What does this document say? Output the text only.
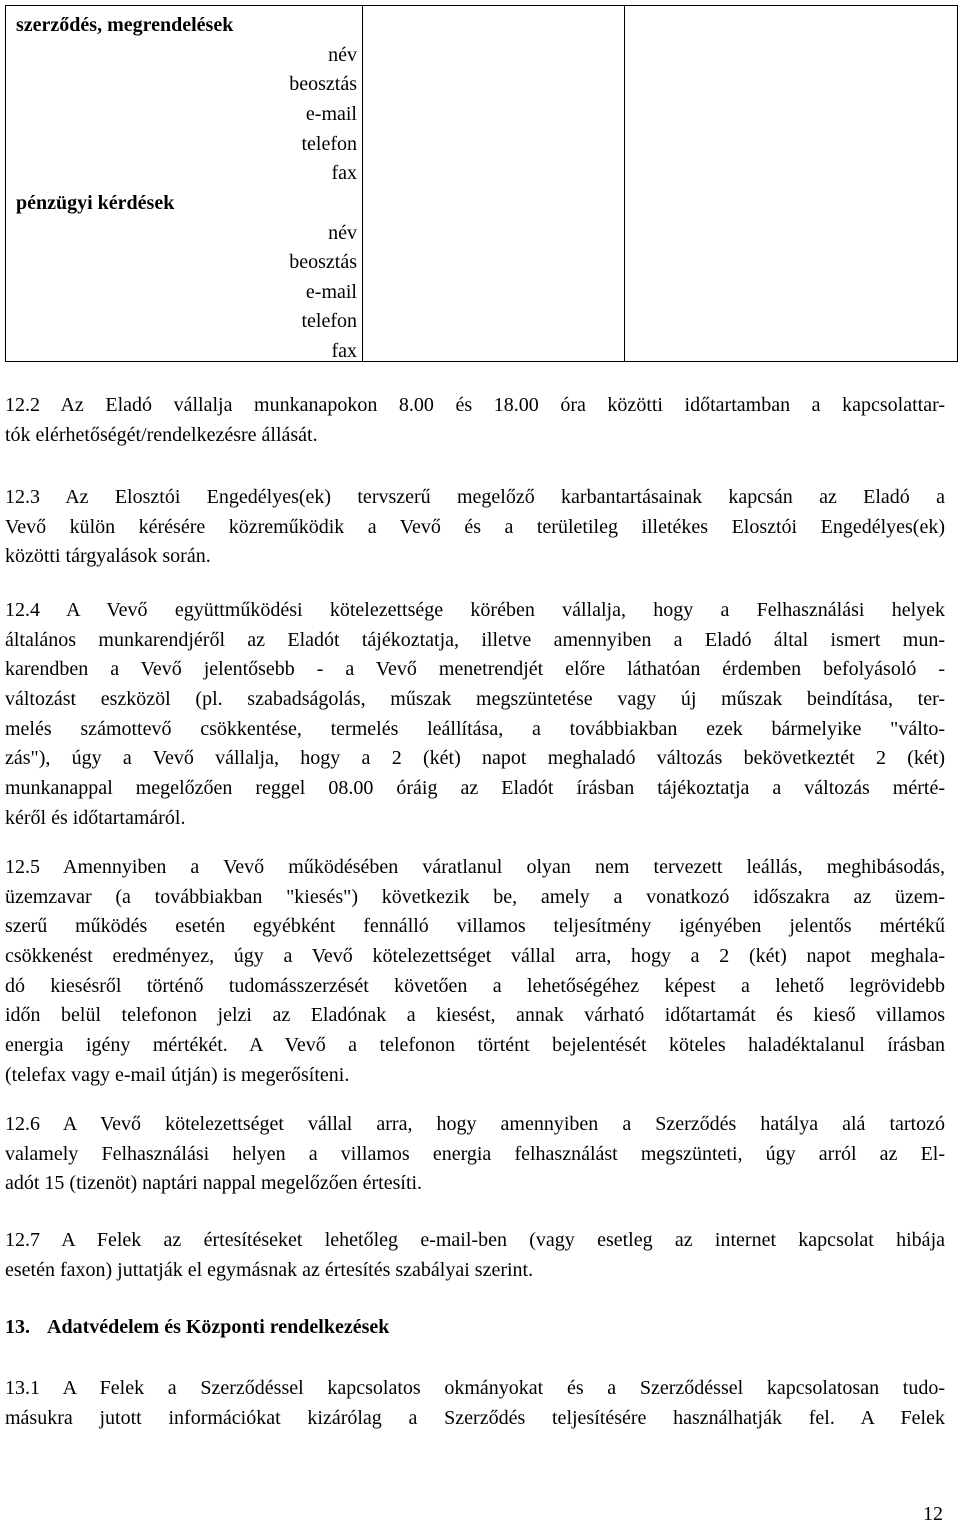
szerződés, megrendelések
név
beosztás
e-mail
telefon
fax
pénzügyi kérdések
név
beosztás
e-mail
telefon
fax

12.2 Az Eladó vállalja munkanapokon 8.00 és 18.00 óra közötti időtartamban a kapcsolattar-
tók elérhetőségét/rendelkezésre állását.
12.3 Az Elosztói Engedélyes(ek) tervszerű megelőző karbantartásainak kapcsán az Eladó a
Vevő külön kérésére közreműködik a Vevő és a területileg illetékes Elosztói Engedélyes(ek)
közötti tárgyalások során.
12.4 A Vevő együttműködési kötelezettsége körében vállalja, hogy a Felhasználási helyek
általános munkarendjéről az Eladót tájékoztatja, illetve amennyiben a Eladó által ismert mun-
karendben a Vevő jelentősebb - a Vevő menetrendjét előre láthatóan érdemben befolyásoló -
változást eszközöl (pl. szabadságolás, műszak megszüntetése vagy új műszak beindítása, ter-
melés számottevő csökkentése, termelés leállítása, a továbbiakban ezek bármelyike "válto-
zás"), úgy a Vevő vállalja, hogy a 2 (két) napot meghaladó változás bekövetkeztét 2 (két)
munkanappal megelőzően reggel 08.00 óráig az Eladót írásban tájékoztatja a változás mérté-
kéről és időtartamáról.
12.5 Amennyiben a Vevő működésében váratlanul olyan nem tervezett leállás, meghibásodás,
üzemzavar (a továbbiakban "kiesés") következik be, amely a vonatkozó időszakra az üzem-
szerű működés esetén egyébként fennálló villamos teljesítmény igényében jelentős mértékű
csökkenést eredményez, úgy a Vevő kötelezettséget vállal arra, hogy a 2 (két) napot meghala-
dó kiesésről történő tudomásszerzését követően a lehetőségéhez képest a lehető legrövidebb
időn belül telefonon jelzi az Eladónak a kiesést, annak várható időtartamát és kieső villamos
energia igény mértékét. A Vevő a telefonon történt bejelentését köteles haladéktalanul írásban
(telefax vagy e-mail útján) is megerősíteni.
12.6 A Vevő kötelezettséget vállal arra, hogy amennyiben a Szerződés hatálya alá tartozó
valamely Felhasználási helyen a villamos energia felhasználást megszünteti, úgy arról az El-
adót 15 (tizenöt) naptári nappal megelőzően értesíti.
12.7 A Felek az értesítéseket lehetőleg e-mail-ben (vagy esetleg az internet kapcsolat hibája
esetén faxon) juttatják el egymásnak az értesítés szabályai szerint.
13. Adatvédelem és Központi rendelkezések
13.1 A Felek a Szerződéssel kapcsolatos okmányokat és a Szerződéssel kapcsolatosan tudo-
másukra jutott információkat kizárólag a Szerződés teljesítésére használhatják fel. A Felek
12
